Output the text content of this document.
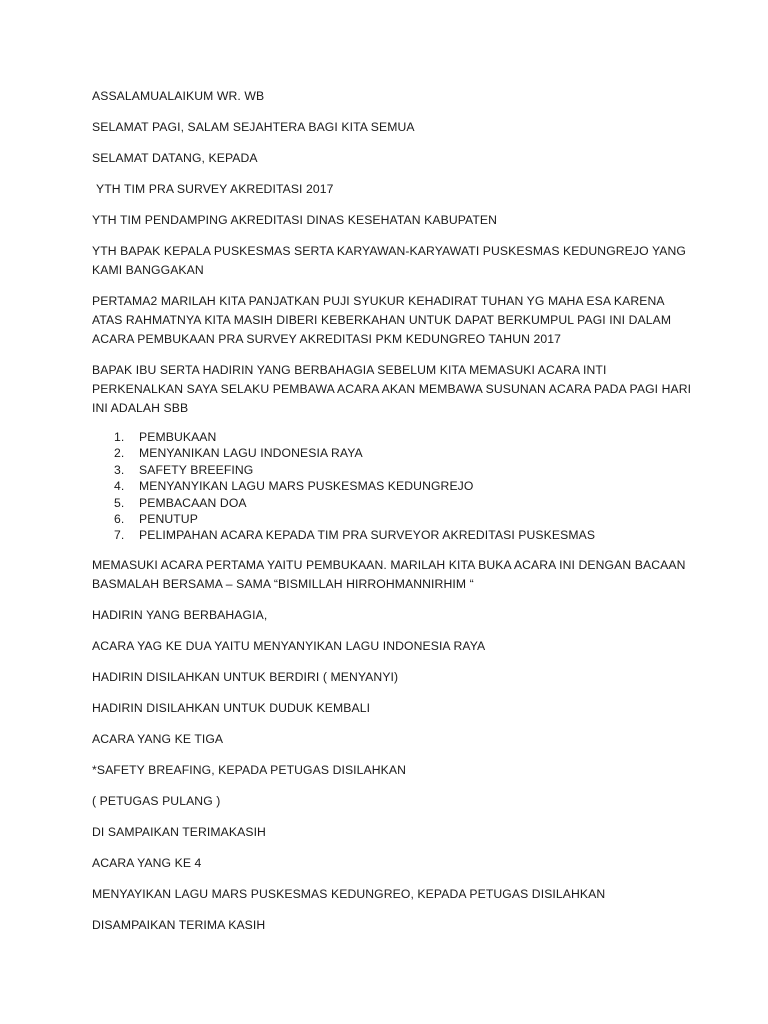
ASSALAMUALAIKUM WR. WB

SELAMAT PAGI, SALAM SEJAHTERA BAGI KITA SEMUA

SELAMAT DATANG, KEPADA

YTH TIM PRA SURVEY AKREDITASI 2017

YTH TIM PENDAMPING AKREDITASI DINAS KESEHATAN KABUPATEN

YTH BAPAK KEPALA PUSKESMAS SERTA KARYAWAN-KARYAWATI PUSKESMAS KEDUNGREJO YANG KAMI BANGGAKAN

PERTAMA2 MARILAH KITA PANJATKAN PUJI SYUKUR KEHADIRAT TUHAN YG MAHA ESA KARENA ATAS RAHMATNYA KITA MASIH DIBERI KEBERKAHAN UNTUK DAPAT BERKUMPUL PAGI INI DALAM ACARA PEMBUKAAN PRA SURVEY AKREDITASI PKM KEDUNGREO TAHUN 2017

BAPAK IBU SERTA HADIRIN YANG BERBAHAGIA SEBELUM KITA MEMASUKI ACARA INTI PERKENALKAN SAYA SELAKU PEMBAWA ACARA AKAN MEMBAWA SUSUNAN ACARA PADA PAGI HARI INI ADALAH SBB

1.	PEMBUKAAN
2.	MENYANIKAN LAGU INDONESIA RAYA
3.	SAFETY BREEFING
4.	MENYANYIKAN LAGU MARS PUSKESMAS KEDUNGREJO
5.	PEMBACAAN DOA
6.	PENUTUP
7.	PELIMPAHAN ACARA KEPADA TIM PRA SURVEYOR AKREDITASI PUSKESMAS

MEMASUKI ACARA PERTAMA YAITU PEMBUKAAN. MARILAH KITA BUKA ACARA INI DENGAN BACAAN BASMALAH BERSAMA – SAMA “BISMILLAH HIRROHMANNIRHIM “

HADIRIN YANG BERBAHAGIA,

ACARA YAG KE DUA YAITU MENYANYIKAN LAGU INDONESIA RAYA

HADIRIN DISILAHKAN UNTUK BERDIRI ( MENYANYI)

HADIRIN DISILAHKAN UNTUK DUDUK KEMBALI

ACARA YANG KE TIGA

*SAFETY BREAFING, KEPADA PETUGAS DISILAHKAN

( PETUGAS PULANG )

DI SAMPAIKAN TERIMAKASIH

ACARA YANG KE 4

MENYAYIKAN LAGU MARS PUSKESMAS KEDUNGREO, KEPADA PETUGAS DISILAHKAN

DISAMPAIKAN TERIMA KASIH
